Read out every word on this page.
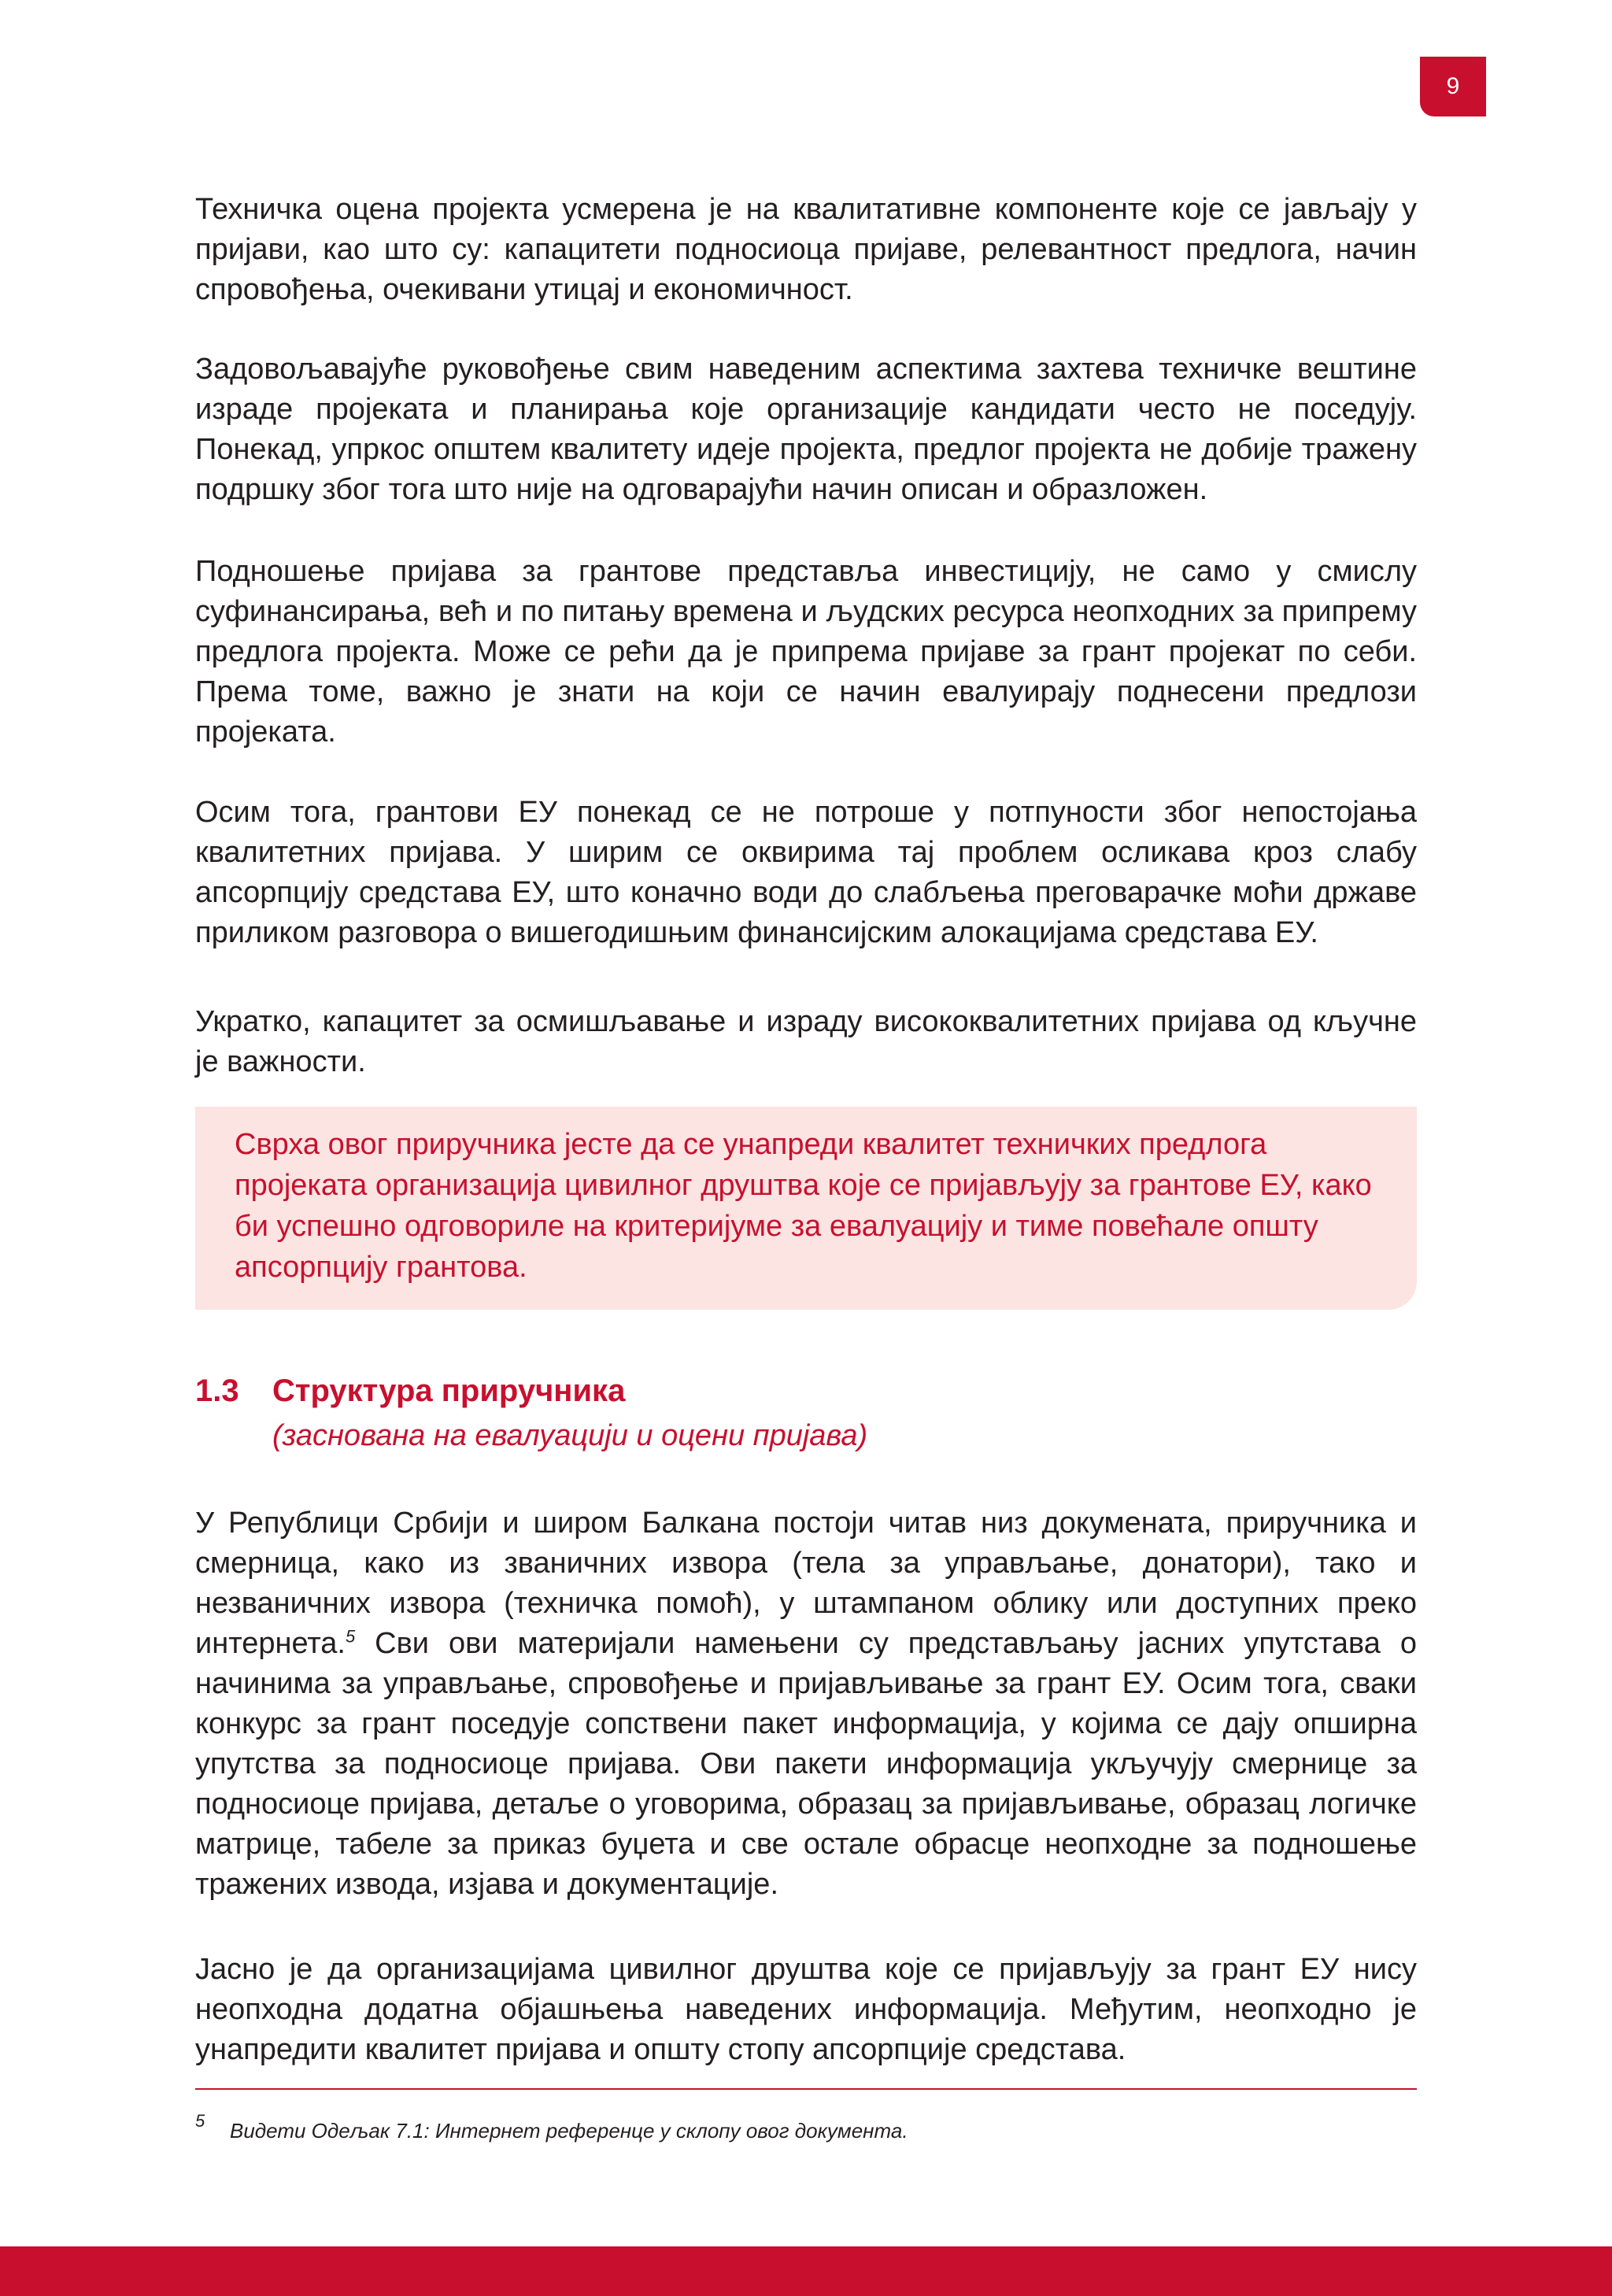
9

Техничка оцена пројекта усмерена је на квалитативне компоненте које се јављају у пријави, као што су: капацитети подносиоца пријаве, релевантност предлога, начин спровођења, очекивани утицај и економичност.

Задовољавајуће руковођење свим наведеним аспектима захтева техничке вештине израде пројеката и планирања које организације кандидати често не поседују. Понекад, упркос општем квалитету идеје пројекта, предлог пројекта не добије тражену подршку због тога што није на одговарајући начин описан и образложен.

Подношење пријава за грантове представља инвестицију, не само у смислу суфинансирања, већ и по питању времена и људских ресурса неопходних за припрему предлога пројекта. Може се рећи да је припрема пријаве за грант пројекат по себи. Према томе, важно је знати на који се начин евалуирају поднесени предлози пројеката.

Осим тога, грантови ЕУ понекад се не потроше у потпуности због непостојања квалитетних пријава. У ширим се оквирима тај проблем осликава кроз слабу апсорпцију средстава ЕУ, што коначно води до слабљења преговарачке моћи државе приликом разговора о вишегодишњим финансијским алокацијама средстава ЕУ.

Укратко, капацитет за осмишљавање и израду висококвалитетних пријава од кључне је важности.

Сврха овог приручника јесте да се унапреди квалитет техничких предлога пројеката организација цивилног друштва које се пријављују за грантове ЕУ, како би успешно одговориле на критеријуме за евалуацију и тиме повећале општу апсорпцију грантова.

1.3 Структура приручника
(заснована на евалуацији и оцени пријава)

У Републици Србији и широм Балкана постоји читав низ докумената, приручника и смерница, како из званичних извора (тела за управљање, донатори), тако и незваничних извора (техничка помоћ), у штампаном облику или доступних преко интернета.$^5$ Сви ови материјали намењени су представљању јасних упутстава о начинима за управљање, спровођење и пријављивање за грант ЕУ. Осим тога, сваки конкурс за грант поседује сопствени пакет информација, у којима се дају опширна упутства за подносиоце пријава. Ови пакети информација укључују смернице за подносиоце пријава, детаље о уговорима, образац за пријављивање, образац логичке матрице, табеле за приказ буџета и све остале обрасце неопходне за подношење тражених извода, изјава и документације.

Јасно је да организацијама цивилног друштва које се пријављују за грант ЕУ нису неопходна додатна објашњења наведених информација. Међутим, неопходно је унапредити квалитет пријава и општу стопу апсорпције средстава.

5 Видети Одељак 7.1: Интернет референце у склопу овог документа.
